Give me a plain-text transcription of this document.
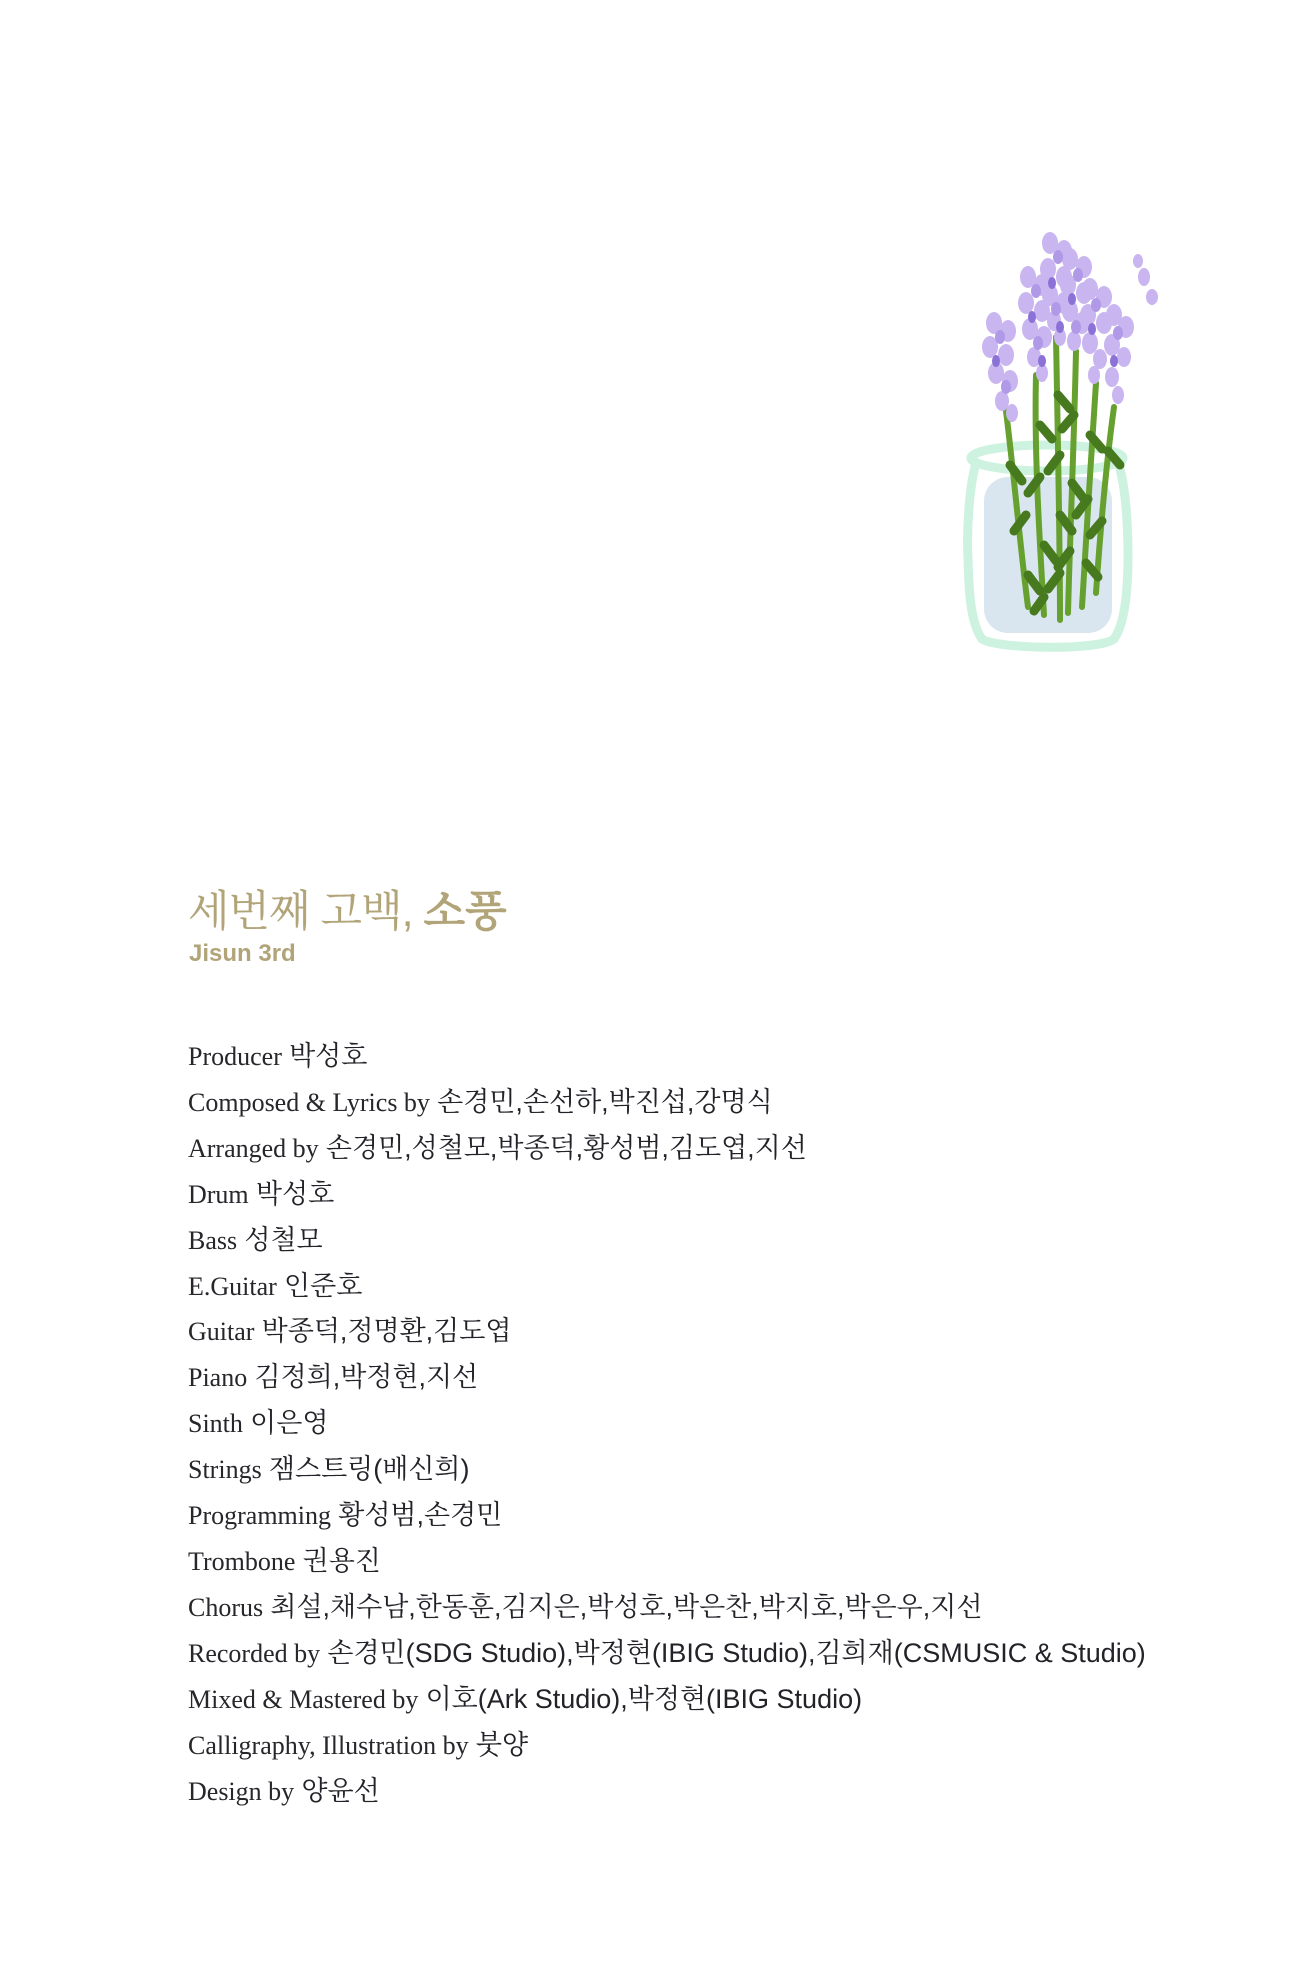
세번째 고백, 소풍
Jisun 3rd
Producer 박성호
Composed & Lyrics by 손경민,손선하,박진섭,강명식
Arranged by 손경민,성철모,박종덕,황성범,김도엽,지선
Drum 박성호
Bass 성철모
E.Guitar 인준호
Guitar 박종덕,정명환,김도엽
Piano 김정희,박정현,지선
Sinth 이은영
Strings 잼스트링(배신희)
Programming 황성범,손경민
Trombone 권용진
Chorus 최설,채수남,한동훈,김지은,박성호,박은찬,박지호,박은우,지선
Recorded by 손경민(SDG Studio),박정현(IBIG Studio),김희재(CSMUSIC & Studio)
Mixed & Mastered by 이호(Ark Studio),박정현(IBIG Studio)
Calligraphy, Illustration by 붓양
Design by 양윤선
